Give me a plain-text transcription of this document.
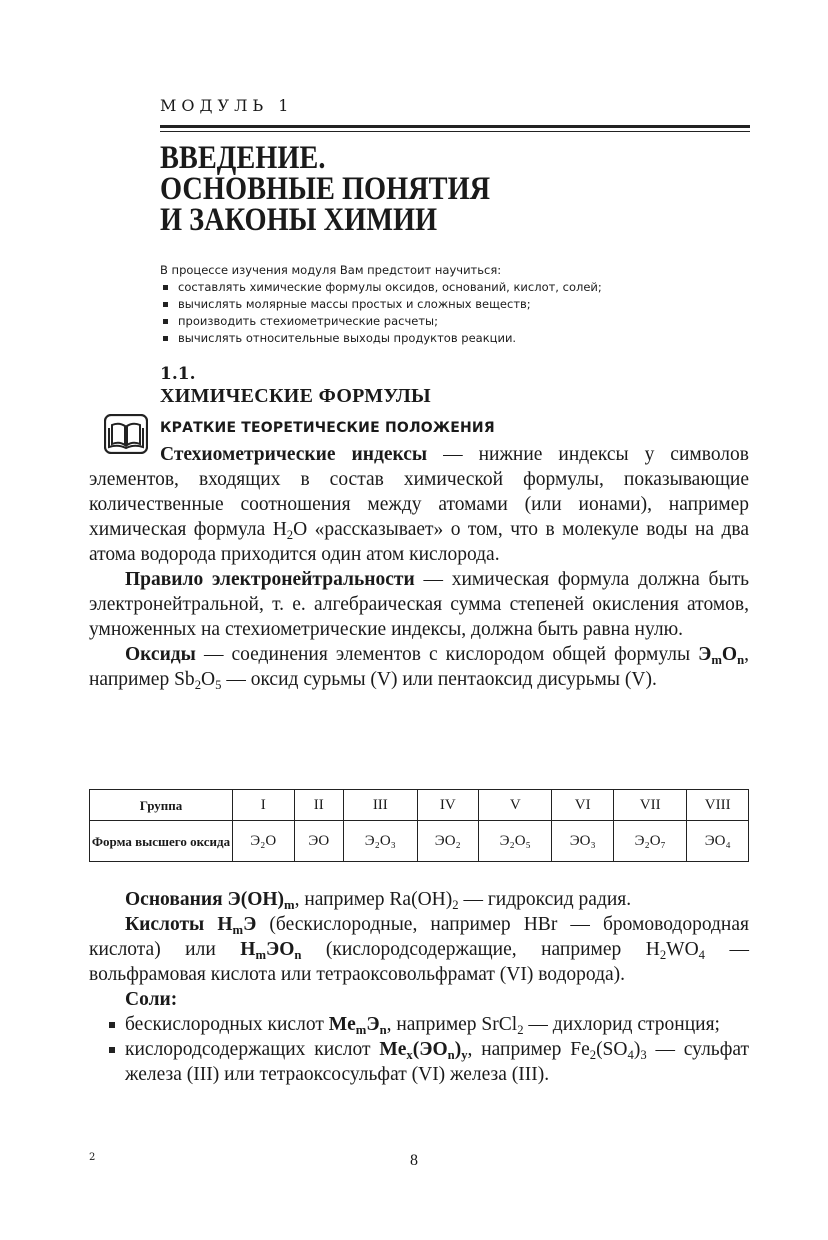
МОДУЛЬ 1
ВВЕДЕНИЕ.
ОСНОВНЫЕ ПОНЯТИЯ
И ЗАКОНЫ ХИМИИ
В процессе изучения модуля Вам предстоит научиться:
составлять химические формулы оксидов, оснований, кислот, солей;
вычислять молярные массы простых и сложных веществ;
производить стехиометрические расчеты;
вычислять относительные выходы продуктов реакции.
1.1.
ХИМИЧЕСКИЕ ФОРМУЛЫ
КРАТКИЕ ТЕОРЕТИЧЕСКИЕ ПОЛОЖЕНИЯ

Стехиометрические индексы — нижние индексы у символов элементов, входящих в состав химической формулы, показывающие количественные соотношения между атомами (или ионами), например химическая формула $H_2O$ «рассказывает» о том, что в молекуле воды на два атома водорода приходится один атом кислорода.

Правило электронейтральности — химическая формула должна быть электронейтральной, т. е. алгебраическая сумма степеней окисления атомов, умноженных на стехиометрические индексы, должна быть равна нулю.

Оксиды — соединения элементов с кислородом общей формулы $Э_mO_n$, например $Sb_2O_5$ — оксид сурьмы (V) или пентаоксид дисурьмы (V).

Группа	I	II	III	IV	V	VI	VII	VIII
Форма высшего оксида	Э₂O	ЭO	Э₂O₃	ЭO₂	Э₂O₅	ЭO₃	Э₂O₇	ЭO₄

Основания $Э(OH)_m$, например $Ra(OH)_2$ — гидроксид радия.

Кислоты $H_mЭ$ (бескислородные, например HBr — бромоводородная кислота) или $H_mЭO_n$ (кислородсодержащие, например $H_2WO_4$ — вольфрамовая кислота или тетраоксовольфрамат (VI) водорода).

Соли:

бескислородных кислот $Me_mЭ_n$, например SrCl$_2$ — дихлорид стронция;
кислородсодержащих кислот $Me_x(ЭO_n)_y$, например $Fe_2(SO_4)_3$ — сульфат железа (III) или тетраоксосульфат (VI) железа (III).
2	8
